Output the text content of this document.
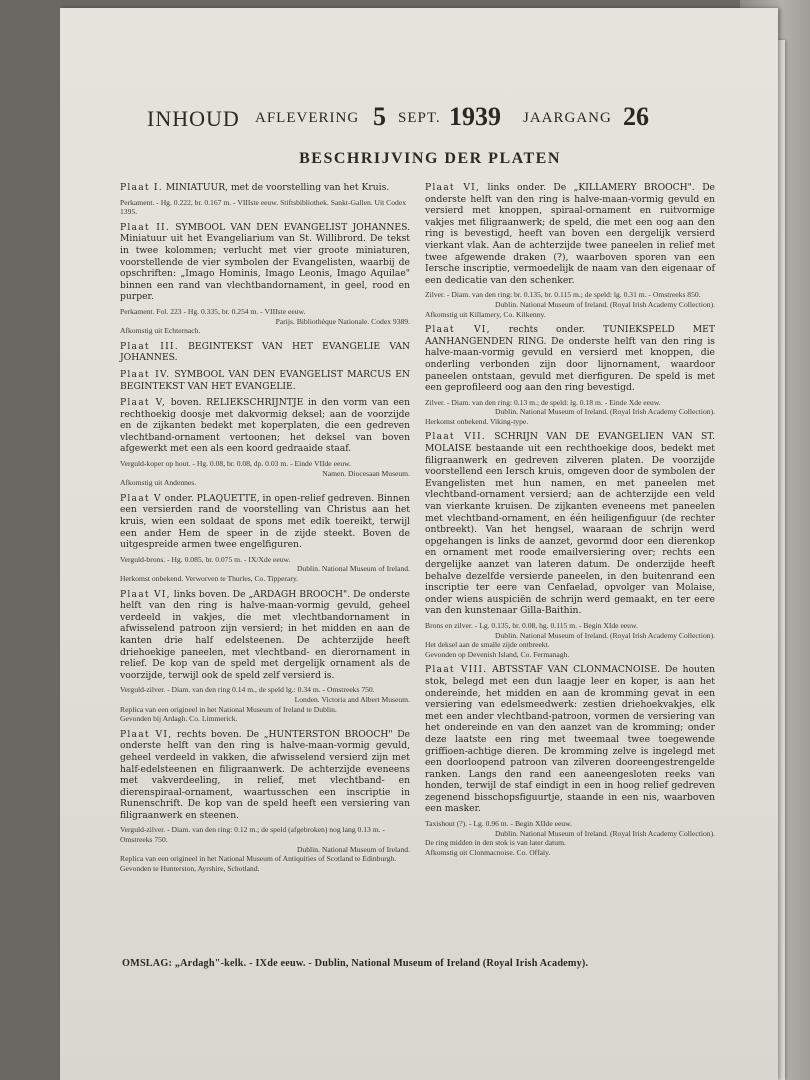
INHOUD AFLEVERING 5 SEPT. 1939 JAARGANG 26
BESCHRIJVING DER PLATEN

Plaat I. MINIATUUR, met de voorstelling van het Kruis.

Perkament. - Hg. 0.222, br. 0.167 m. - VIIIste eeuw. Stiftsbibliothek. Sankt-Gallen. Uit Codex 1395.

Plaat II. SYMBOOL VAN DEN EVANGELIST JOHANNES. Miniatuur uit het Evangeliarium van St. Willibrord. De tekst in twee kolommen; verlucht met vier groote miniaturen, voorstellende de vier symbolen der Evangelisten, waarbij de opschriften: „Imago Hominis, Imago Leonis, Imago Aquilae" binnen een rand van vlechtbandornament, in geel, rood en purper.

Perkament. Fol. 223 - Hg. 0.335, br. 0.254 m. - VIIIste eeuw.
Parijs. Bibliothèque Nationale. Codex 9389.
Afkomstig uit Echternach.

Plaat III. BEGINTEKST VAN HET EVANGELIE VAN JOHANNES.

Plaat IV. SYMBOOL VAN DEN EVANGELIST MARCUS EN BEGINTEKST VAN HET EVANGELIE.

Plaat V, boven. RELIEKSCHRIJNTJE in den vorm van een rechthoekig doosje met dakvormig deksel; aan de voorzijde en de zijkanten bedekt met koperplaten, die een gedreven vlechtband-ornament vertoonen; het deksel van boven afgewerkt met een als een koord gedraaide staaf.

Verguld-koper op hout. - Hg. 0.08, br. 0.08, dp. 0.03 m. - Einde VIIde eeuw.
Namen. Diocesaan Museum.
Afkomstig uit Andennes.

Plaat V onder. PLAQUETTE, in open-relief gedreven. Binnen een versierden rand de voorstelling van Christus aan het kruis, wien een soldaat de spons met edik toereikt, terwijl een ander Hem de speer in de zijde steekt. Boven de uitgespreide armen twee engelfiguren.

Verguld-brons. - Hg. 0.085, br. 0.075 m. - IX/Xde eeuw.
Dublin. National Museum of Ireland.
Herkomst onbekend. Verworven te Thurles, Co. Tipperary.

Plaat VI, links boven. De „ARDAGH BROOCH". De onderste helft van den ring is halve-maan-vormig gevuld, geheel verdeeld in vakjes, die met vlechtbandornament in afwisselend patroon zijn versierd; in het midden en aan de kanten drie half edelsteenen. De achterzijde heeft driehoekige paneelen, met vlechtband- en dierornament in relief. De kop van de speld met dergelijk ornament als de voorzijde, terwijl ook de speld zelf versierd is.

Verguld-zilver. - Diam. van den ring 0.14 m., de speld lg.: 0.34 m. - Omstreeks 750.
Londen. Victoria and Albert Museum.
Replica van een origineel in het National Museum of Ireland te Dublin.
Gevonden bij Ardagh. Co. Limmerick.

Plaat VI, rechts boven. De „HUNTERSTON BROOCH" De onderste helft van den ring is halve-maan-vormig gevuld, geheel verdeeld in vakken, die afwisselend versierd zijn met half-edelsteenen en filigraanwerk. De achterzijde eveneens met vakverdeeling, in relief, met vlechtband- en dierenspiraal-ornament, waartusschen een inscriptie in Runenschrift. De kop van de speld heeft een versiering van filigraanwerk en steenen.

Verguld-zilver. - Diam. van den ring: 0.12 m.; de speld (afgebroken) nog lang 0.13 m. - Omstreeks 750.
Dublin. National Museum of Ireland.
Replica van een origineel in het National Museum of Antiquities of Scotland te Edinburgh.
Gevonden te Hunterston, Ayrshire, Schotland.

Plaat VI, links onder. De „KILLAMERY BROOCH". De onderste helft van den ring is halve-maan-vormig gevuld en versierd met knoppen, spiraal-ornament en ruitvormige vakjes met filigraanwerk; de speld, die met een oog aan den ring is bevestigd, heeft van boven een dergelijk versierd vierkant vlak. Aan de achterzijde twee paneelen in relief met twee afgewende draken (?), waarboven sporen van een Iersche inscriptie, vermoedelijk de naam van den eigenaar of een dedicatie van den schenker.

Zilver. - Diam. van den ring: br. 0.135, br. 0.115 m.; de speld: lg. 0.31 m. - Omstreeks 850.
Dublin. National Museum of Ireland. (Royal Irish Academy Collection).
Afkomstig uit Killamery, Co. Kilkenny.

Plaat VI, rechts onder. TUNIEKSPELD MET AANHANGENDEN RING. De onderste helft van den ring is halve-maan-vormig gevuld en versierd met knoppen, die onderling verbonden zijn door lijnornament, waardoor paneelen ontstaan, gevuld met dierfiguren. De speld is met een geprofileerd oog aan den ring bevestigd.

Zilver. - Diam. van den ring: 0.13 m.; de speld: lg. 0.18 m. - Einde Xde eeuw.
Dublin. National Museum of Ireland. (Royal Irish Academy Collection).
Herkomst onbekend. Viking-type.

Plaat VII. SCHRIJN VAN DE EVANGELIEN VAN ST. MOLAISE bestaande uit een rechthoekige doos, bedekt met filigraanwerk en gedreven zilveren platen. De voorzijde voorstellend een Iersch kruis, omgeven door de symbolen der Evangelisten met hun namen, en met paneelen met vlechtband-ornament versierd; aan de achterzijde een veld van vierkante kruisen. De zijkanten eveneens met paneelen met vlechtband-ornament, en één heiligenfiguur (de rechter ontbreekt). Van het hengsel, waaraan de schrijn werd opgehangen is links de aanzet, gevormd door een dierenkop en ornament met roode emailversiering over; rechts een dergelijke aanzet van lateren datum. De onderzijde heeft behalve dezelfde versierde paneelen, in den buitenrand een inscriptie ter eere van Cenfaelad, opvolger van Molaise, onder wiens auspiciën de schrijn werd gemaakt, en ter eere van den kunstenaar Gilla-Baithin.

Brons en zilver. - Lg. 0.135, br. 0.08, hg. 0.115 m. - Begin XIde eeuw.
Dublin. National Museum of Ireland. (Royal Irish Academy Collection).
Het deksel aan de smalle zijde ontbreekt.
Gevonden op Devenish Island, Co. Fermanagh.

Plaat VIII. ABTSSTAF VAN CLONMACNOISE. De houten stok, belegd met een dun laagje leer en koper, is aan het ondereinde, het midden en aan de kromming gevat in een versiering van edelsmeedwerk: zestien driehoekvakjes, elk met een ander vlechtband-patroon, vormen de versiering van het ondereinde en van den aanzet van de kromming; onder deze laatste een ring met tweemaal twee toegewende griffioen-achtige dieren. De kromming zelve is ingelegd met een doorloopend patroon van zilveren dooreengestrengelde ranken. Langs den rand een aaneengesloten reeks van honden, terwijl de staf eindigt in een in hoog relief gedreven zegenend bisschopsfiguurtje, staande in een nis, waarboven een masker.

Taxishout (?). - Lg. 0.96 m. - Begin XIIde eeuw.
Dublin. National Museum of Ireland. (Royal Irish Academy Collection).
De ring midden in den stok is van later datum.
Afkomstig uit Clonmacnoise. Co. Offaly.
OMSLAG: „Ardagh"-kelk. - IXde eeuw. - Dublin, National Museum of Ireland (Royal Irish Academy).
